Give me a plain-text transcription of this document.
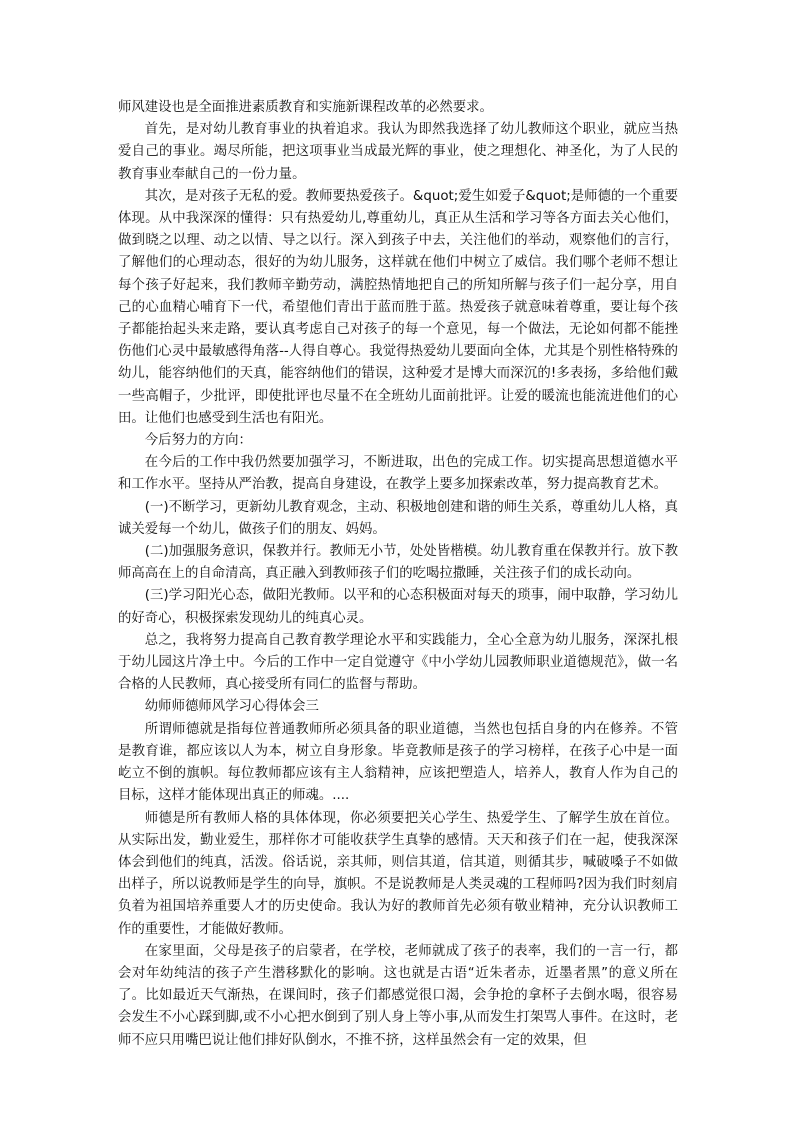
师风建设也是全面推进素质教育和实施新课程改革的必然要求。

首先，是对幼儿教育事业的执着追求。我认为即然我选择了幼儿教师这个职业，就应当热爱自己的事业。竭尽所能，把这项事业当成最光辉的事业，使之理想化、神圣化，为了人民的教育事业奉献自己的一份力量。

其次，是对孩子无私的爱。教师要热爱孩子。&quot;爱生如爱子&quot;是师德的一个重要体现。从中我深深的懂得：只有热爱幼儿,尊重幼儿，真正从生活和学习等各方面去关心他们，做到晓之以理、动之以情、导之以行。深入到孩子中去，关注他们的举动，观察他们的言行，了解他们的心理动态，很好的为幼儿服务，这样就在他们中树立了威信。我们哪个老师不想让每个孩子好起来，我们教师辛勤劳动，满腔热情地把自己的所知所解与孩子们一起分享，用自己的心血精心哺育下一代，希望他们青出于蓝而胜于蓝。热爱孩子就意味着尊重，要让每个孩子都能抬起头来走路，要认真考虑自己对孩子的每一个意见，每一个做法，无论如何都不能挫伤他们心灵中最敏感得角落--人得自尊心。我觉得热爱幼儿要面向全体，尤其是个别性格特殊的幼儿，能容纳他们的天真，能容纳他们的错误，这种爱才是博大而深沉的!多表扬，多给他们戴一些高帽子，少批评，即使批评也尽量不在全班幼儿面前批评。让爱的暖流也能流进他们的心田。让他们也感受到生活也有阳光。

今后努力的方向：

在今后的工作中我仍然要加强学习，不断进取，出色的完成工作。切实提高思想道德水平和工作水平。坚持从严治教，提高自身建设，在教学上要多加探索改革，努力提高教育艺术。

(一)不断学习，更新幼儿教育观念，主动、积极地创建和谐的师生关系，尊重幼儿人格，真诚关爱每一个幼儿，做孩子们的朋友、妈妈。

(二)加强服务意识，保教并行。教师无小节，处处皆楷模。幼儿教育重在保教并行。放下教师高高在上的自命清高，真正融入到教师孩子们的吃喝拉撒睡，关注孩子们的成长动向。

(三)学习阳光心态，做阳光教师。以平和的心态积极面对每天的琐事，闹中取静，学习幼儿的好奇心，积极探索发现幼儿的纯真心灵。

总之，我将努力提高自己教育教学理论水平和实践能力，全心全意为幼儿服务，深深扎根于幼儿园这片净土中。今后的工作中一定自觉遵守《中小学幼儿园教师职业道德规范》，做一名合格的人民教师，真心接受所有同仁的监督与帮助。

幼师师德师风学习心得体会三

所谓师德就是指每位普通教师所必须具备的职业道德，当然也包括自身的内在修养。不管是教育谁，都应该以人为本，树立自身形象。毕竟教师是孩子的学习榜样，在孩子心中是一面屹立不倒的旗帜。每位教师都应该有主人翁精神，应该把塑造人，培养人，教育人作为自己的目标，这样才能体现出真正的师魂。....

师德是所有教师人格的具体体现，你必须要把关心学生、热爱学生、了解学生放在首位。从实际出发，勤业爱生，那样你才可能收获学生真挚的感情。天天和孩子们在一起，使我深深体会到他们的纯真，活泼。俗话说，亲其师，则信其道，信其道，则循其步，喊破嗓子不如做出样子，所以说教师是学生的向导，旗帜。不是说教师是人类灵魂的工程师吗?因为我们时刻肩负着为祖国培养重要人才的历史使命。我认为好的教师首先必须有敬业精神，充分认识教师工作的重要性，才能做好教师。

在家里面，父母是孩子的启蒙者，在学校，老师就成了孩子的表率，我们的一言一行，都会对年幼纯洁的孩子产生潜移默化的影响。这也就是古语“近朱者赤，近墨者黑”的意义所在了。比如最近天气渐热，在课间时，孩子们都感觉很口渴，会争抢的拿杯子去倒水喝，很容易会发生不小心踩到脚,或不小心把水倒到了别人身上等小事,从而发生打架骂人事件。在这时，老师不应只用嘴巴说让他们排好队倒水，不推不挤，这样虽然会有一定的效果，但
